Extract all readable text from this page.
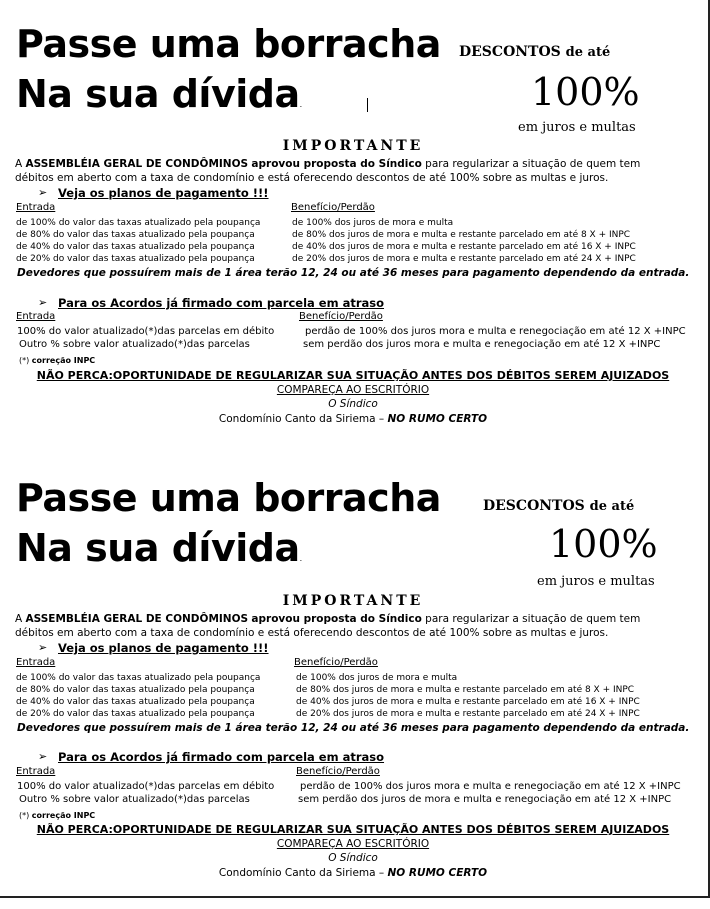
Passe uma borracha DESCONTOS de até
Na sua dívida.	100%
em juros e multas
IMPORTANTE
A ASSEMBLÉIA GERAL DE CONDÔMINOS aprovou proposta do Síndico para regularizar a situação de quem tem
débitos em aberto com a taxa de condomínio e está oferecendo descontos de até 100% sobre as multas e juros.
➢ Veja os planos de pagamento !!!
Entrada	Benefício/Perdão
de 100% do valor das taxas atualizado pela poupança	de 100% dos juros de mora e multa
de 80% do valor das taxas atualizado pela poupança	de 80% dos juros de mora e multa e restante parcelado em até 8 X + INPC
de 40% do valor das taxas atualizado pela poupança	de 40% dos juros de mora e multa e restante parcelado em até 16 X + INPC
de 20% do valor das taxas atualizado pela poupança	de 20% dos juros de mora e multa e restante parcelado em até 24 X + INPC
Devedores que possuírem mais de 1 área terão 12, 24 ou até 36 meses para pagamento dependendo da entrada.
➢ Para os Acordos já firmado com parcela em atraso
Entrada	Benefício/Perdão
100% do valor atualizado(*)das parcelas em débito	perdão de 100% dos juros mora e multa e renegociação em até 12 X +INPC
Outro % sobre valor atualizado(*)das parcelas	sem perdão dos juros mora e multa e renegociação em até 12 X +INPC
(*) correção INPC
NÃO PERCA:OPORTUNIDADE DE REGULARIZAR SUA SITUAÇÃO ANTES DOS DÉBITOS SEREM AJUIZADOS
COMPAREÇA AO ESCRITÓRIO
O Síndico
Condomínio Canto da Siriema – NO RUMO CERTO
Passe uma borracha	DESCONTOS de até
Na sua dívida.	100%
em juros e multas
IMPORTANTE
A ASSEMBLÉIA GERAL DE CONDÔMINOS aprovou proposta do Síndico para regularizar a situação de quem tem
débitos em aberto com a taxa de condomínio e está oferecendo descontos de até 100% sobre as multas e juros.
➢ Veja os planos de pagamento !!!
Entrada	Benefício/Perdão
de 100% do valor das taxas atualizado pela poupança	de 100% dos juros de mora e multa
de 80% do valor das taxas atualizado pela poupança	de 80% dos juros de mora e multa e restante parcelado em até 8 X + INPC
de 40% do valor das taxas atualizado pela poupança	de 40% dos juros de mora e multa e restante parcelado em até 16 X + INPC
de 20% do valor das taxas atualizado pela poupança	de 20% dos juros de mora e multa e restante parcelado em até 24 X + INPC
Devedores que possuírem mais de 1 área terão 12, 24 ou até 36 meses para pagamento dependendo da entrada.
➢ Para os Acordos já firmado com parcela em atraso
Entrada	Benefício/Perdão
100% do valor atualizado(*)das parcelas em débito	perdão de 100% dos juros mora e multa e renegociação em até 12 X +INPC
Outro % sobre valor atualizado(*)das parcelas	sem perdão dos juros de mora e multa e renegociação em até 12 X +INPC
(*) correção INPC
NÃO PERCA:OPORTUNIDADE DE REGULARIZAR SUA SITUAÇÃO ANTES DOS DÉBITOS SEREM AJUIZADOS
COMPAREÇA AO ESCRITÓRIO
O Síndico
Condomínio Canto da Siriema – NO RUMO CERTO
